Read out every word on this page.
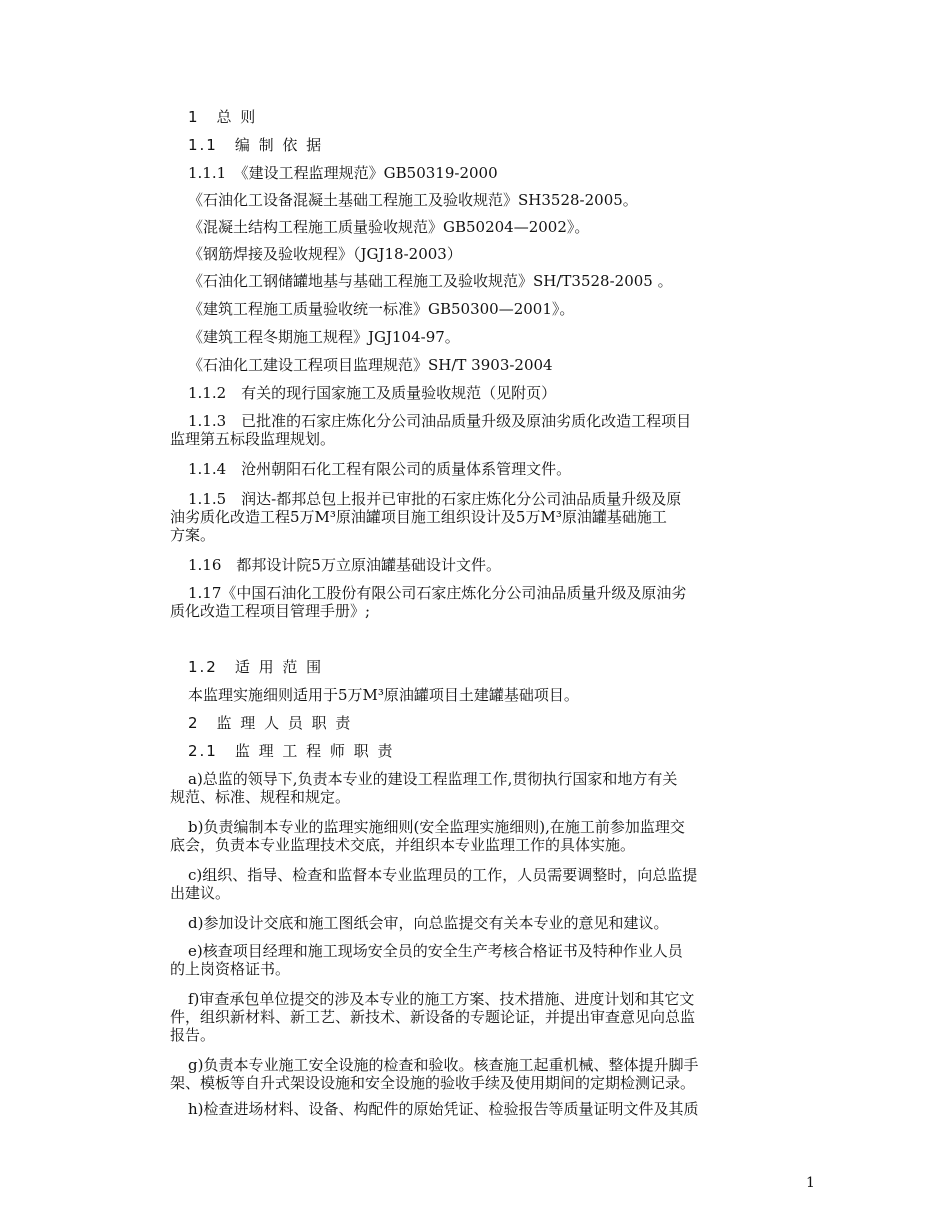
1　总 则

1.1　编 制 依 据

1.1.1　《建设工程监理规范》GB50319-2000

《石油化工设备混凝土基础工程施工及验收规范》SH3528-2005。

《混凝土结构工程施工质量验收规范》GB50204—2002》。

《钢筋焊接及验收规程》（JGJ18-2003）

《石油化工钢储罐地基与基础工程施工及验收规范》SH/T3528-2005 。

《建筑工程施工质量验收统一标准》GB50300—2001》。

《建筑工程冬期施工规程》JGJ104-97。

《石油化工建设工程项目监理规范》SH/T 3903-2004

1.1.2　有关的现行国家施工及质量验收规范（见附页）

1.1.3　已批准的石家庄炼化分公司油品质量升级及原油劣质化改造工程项目
监理第五标段监理规划。

1.1.4　沧州朝阳石化工程有限公司的质量体系管理文件。

1.1.5　润达-都邦总包上报并已审批的石家庄炼化分公司油品质量升级及原
油劣质化改造工程5万M³原油罐项目施工组织设计及5万M³原油罐基础施工
方案。

1.16　都邦设计院5万立原油罐基础设计文件。

1.17《中国石油化工股份有限公司石家庄炼化分公司油品质量升级及原油劣
质化改造工程项目管理手册》;

1.2　适 用 范 围

本监理实施细则适用于5万M³原油罐项目土建罐基础项目。

2　监 理 人 员 职 责

2.1　监 理 工 程 师 职 责

a)总监的领导下,负责本专业的建设工程监理工作,贯彻执行国家和地方有关
规范、标准、规程和规定。
b)负责编制本专业的监理实施细则(安全监理实施细则),在施工前参加监理交
底会，负责本专业监理技术交底，并组织本专业监理工作的具体实施。
c)组织、指导、检查和监督本专业监理员的工作，人员需要调整时，向总监提
出建议。
d)参加设计交底和施工图纸会审，向总监提交有关本专业的意见和建议。
e)核查项目经理和施工现场安全员的安全生产考核合格证书及特种作业人员
的上岗资格证书。
f)审查承包单位提交的涉及本专业的施工方案、技术措施、进度计划和其它文
件，组织新材料、新工艺、新技术、新设备的专题论证，并提出审查意见向总监
报告。
g)负责本专业施工安全设施的检查和验收。核查施工起重机械、整体提升脚手
架、模板等自升式架设设施和安全设施的验收手续及使用期间的定期检测记录。
h)检查进场材料、设备、构配件的原始凭证、检验报告等质量证明文件及其质

1
